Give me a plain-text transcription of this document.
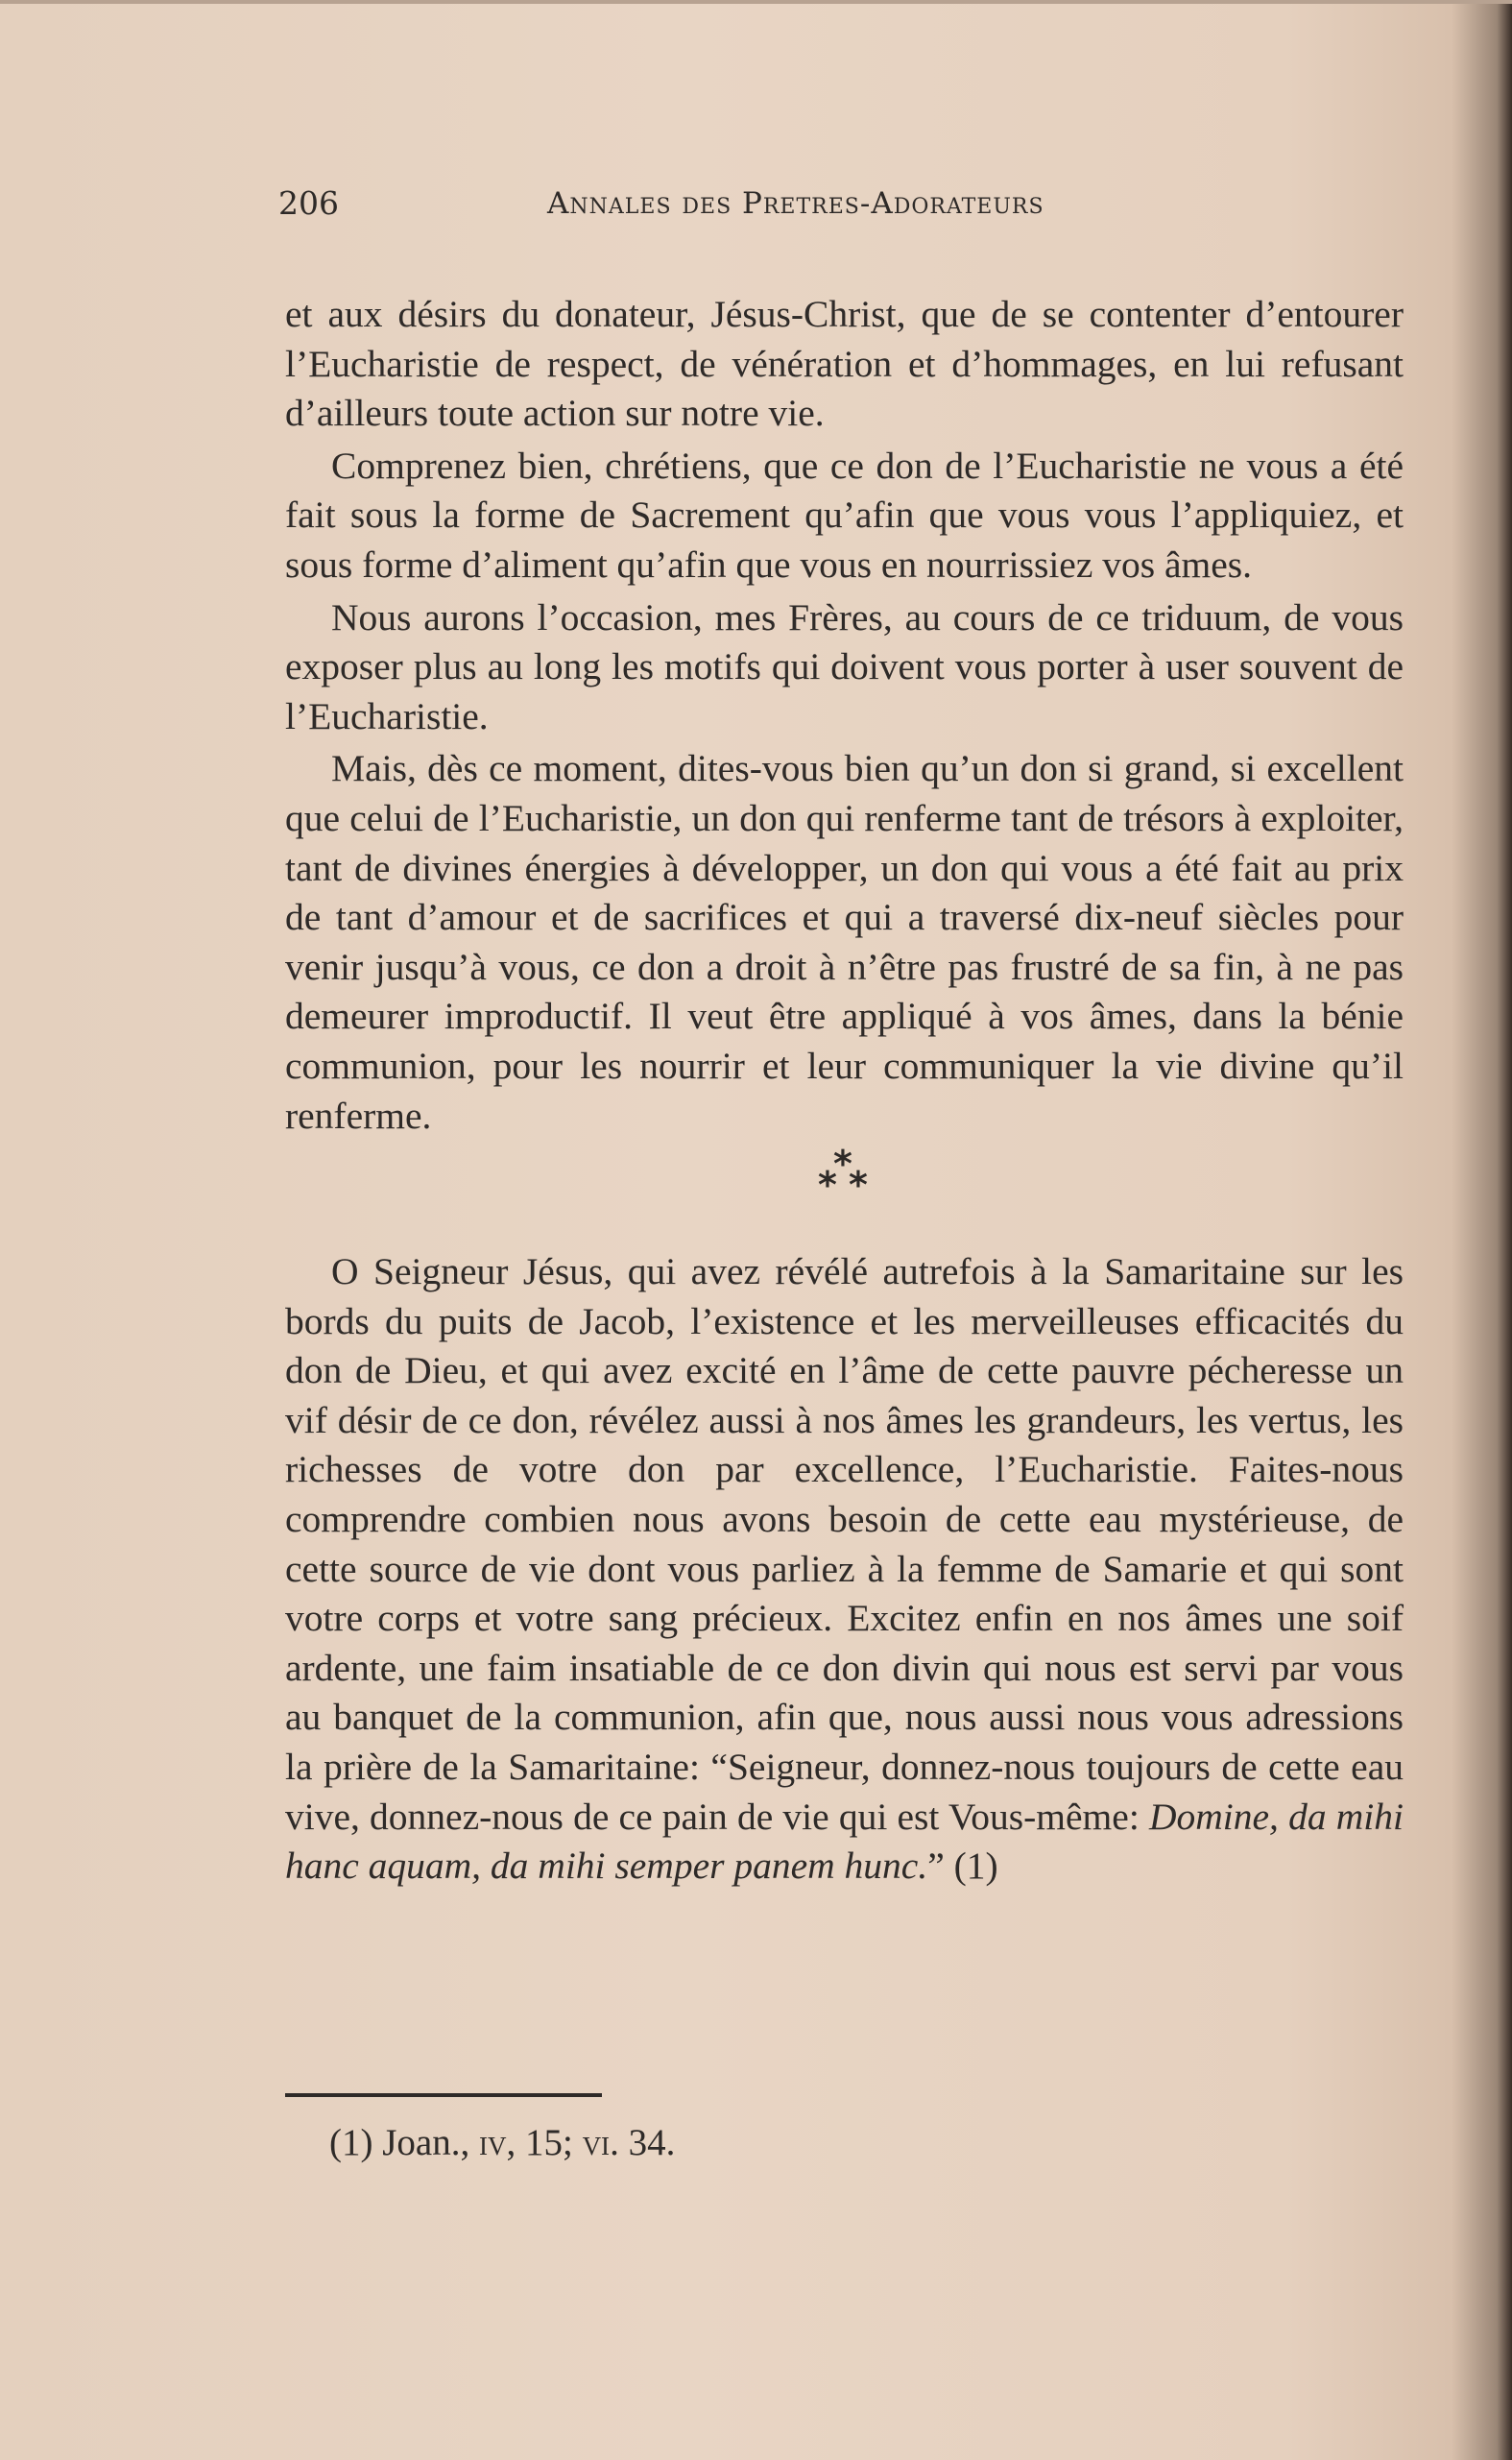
206	Annales des Pretres-Adorateurs

et aux désirs du donateur, Jésus-Christ, que de se contenter d’entourer l’Eucharistie de respect, de vénération et d’hommages, en lui refusant d’ailleurs toute action sur notre vie.

Comprenez bien, chrétiens, que ce don de l’Eucharistie ne vous a été fait sous la forme de Sacrement qu’afin que vous vous l’appliquiez, et sous forme d’aliment qu’afin que vous en nourrissiez vos âmes.

Nous aurons l’occasion, mes Frères, au cours de ce triduum, de vous exposer plus au long les motifs qui doivent vous porter à user souvent de l’Eucharistie.

Mais, dès ce moment, dites-vous bien qu’un don si grand, si excellent que celui de l’Eucharistie, un don qui renferme tant de trésors à exploiter, tant de divines énergies à développer, un don qui vous a été fait au prix de tant d’amour et de sacrifices et qui a traversé dix-neuf siècles pour venir jusqu’à vous, ce don a droit à n’être pas frustré de sa fin, à ne pas demeurer improductif. Il veut être appliqué à vos âmes, dans la bénie communion, pour les nourrir et leur communiquer la vie divine qu’il renferme.

*
* *

O Seigneur Jésus, qui avez révélé autrefois à la Samaritaine sur les bords du puits de Jacob, l’existence et les merveilleuses efficacités du don de Dieu, et qui avez excité en l’âme de cette pauvre pécheresse un vif désir de ce don, révélez aussi à nos âmes les grandeurs, les vertus, les richesses de votre don par excellence, l’Eucharistie. Faites-nous comprendre combien nous avons besoin de cette eau mystérieuse, de cette source de vie dont vous parliez à la femme de Samarie et qui sont votre corps et votre sang précieux. Excitez enfin en nos âmes une soif ardente, une faim insatiable de ce don divin qui nous est servi par vous au banquet de la communion, afin que, nous aussi nous vous adressions la prière de la Samaritaine: “Seigneur, donnez-nous toujours de cette eau vive, donnez-nous de ce pain de vie qui est Vous-même: Domine, da mihi hanc aquam, da mihi semper panem hunc.” (1)

(1) Joan., iv, 15; vi. 34.
